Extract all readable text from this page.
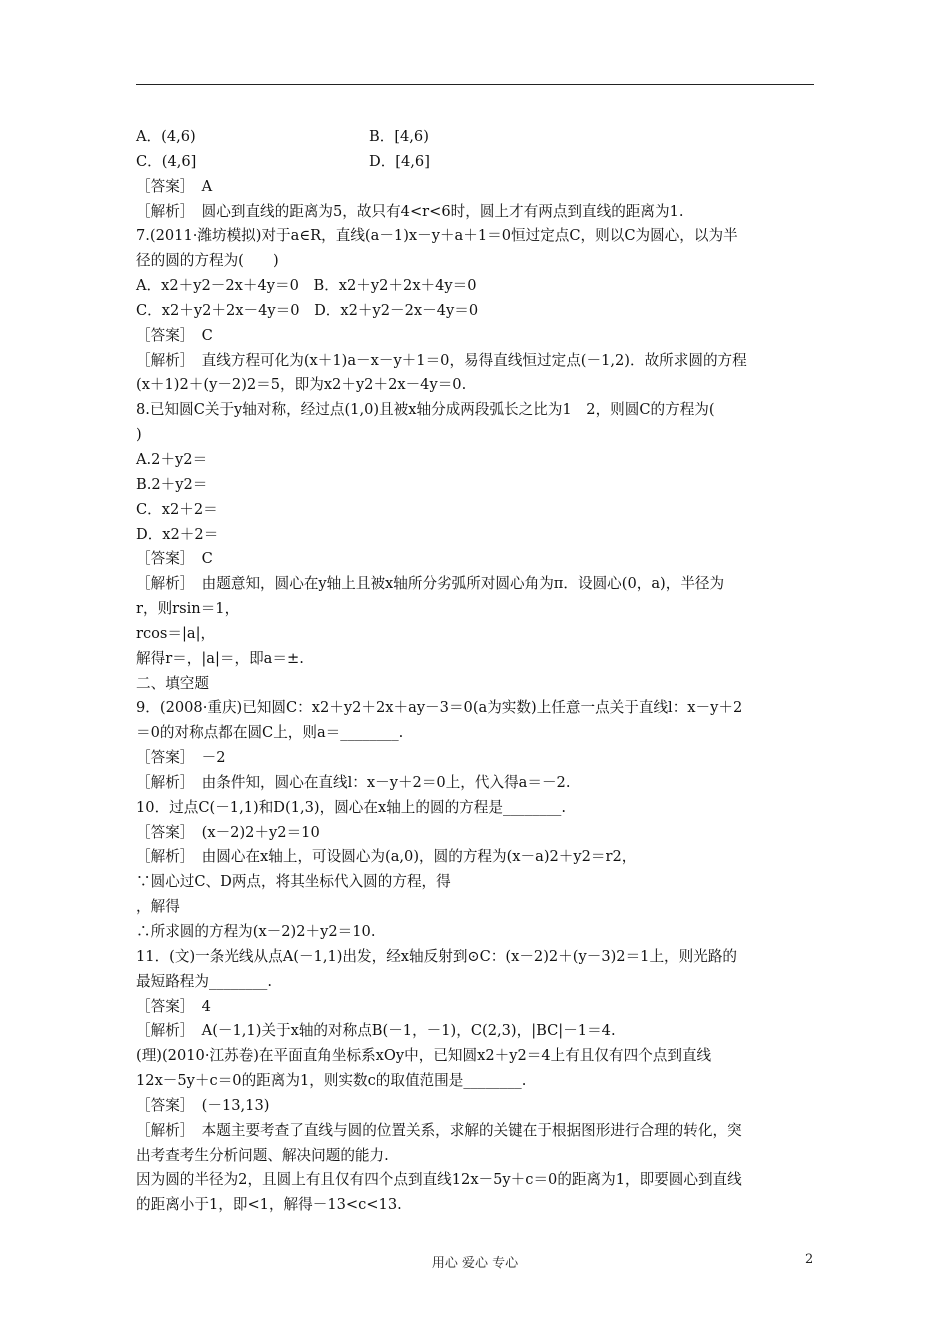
A．(4,6)	B．[4,6)
C．(4,6]	D．[4,6]
［答案］　A
［解析］　圆心到直线的距离为5，故只有4<r<6时，圆上才有两点到直线的距离为1.
7.(2011·潍坊模拟)对于a∈R，直线(a－1)x－y＋a＋1＝0恒过定点C，则以C为圆心，以为半
径的圆的方程为(　　)
A．x2＋y2－2x＋4y＝0　B．x2＋y2＋2x＋4y＝0
C．x2＋y2＋2x－4y＝0　D．x2＋y2－2x－4y＝0
［答案］　C
［解析］　直线方程可化为(x＋1)a－x－y＋1＝0，易得直线恒过定点(－1,2)．故所求圆的方程
(x＋1)2＋(y－2)2＝5，即为x2＋y2＋2x－4y＝0.
8.已知圆C关于y轴对称，经过点(1,0)且被x轴分成两段弧长之比为1　2，则圆C的方程为(
)
A.2＋y2＝
B.2＋y2＝
C．x2＋2＝
D．x2＋2＝
［答案］　C
［解析］　由题意知，圆心在y轴上且被x轴所分劣弧所对圆心角为π．设圆心(0，a)，半径为
r，则rsin＝1，
rcos＝|a|，
解得r＝，|a|＝，即a＝±.
二、填空题
9．(2008·重庆)已知圆C：x2＋y2＋2x＋ay－3＝0(a为实数)上任意一点关于直线l：x－y＋2
＝0的对称点都在圆C上，则a＝________.
［答案］　－2
［解析］　由条件知，圆心在直线l：x－y＋2＝0上，代入得a＝－2.
10．过点C(－1,1)和D(1,3)，圆心在x轴上的圆的方程是________.
［答案］　(x－2)2＋y2＝10
［解析］　由圆心在x轴上，可设圆心为(a,0)，圆的方程为(x－a)2＋y2＝r2，
∵圆心过C、D两点，将其坐标代入圆的方程，得
，解得
∴所求圆的方程为(x－2)2＋y2＝10.
11．(文)一条光线从点A(－1,1)出发，经x轴反射到⊙C：(x－2)2＋(y－3)2＝1上，则光路的
最短路程为________.
［答案］　4
［解析］　A(－1,1)关于x轴的对称点B(－1，－1)，C(2,3)，|BC|－1＝4.
(理)(2010·江苏卷)在平面直角坐标系xOy中，已知圆x2＋y2＝4上有且仅有四个点到直线
12x－5y＋c＝0的距离为1，则实数c的取值范围是________.
［答案］　(－13,13)
［解析］　本题主要考查了直线与圆的位置关系，求解的关键在于根据图形进行合理的转化，突
出考查考生分析问题、解决问题的能力.
因为圆的半径为2，且圆上有且仅有四个点到直线12x－5y＋c＝0的距离为1，即要圆心到直线
的距离小于1，即<1，解得－13<c<13.
用心 爱心 专心	2
